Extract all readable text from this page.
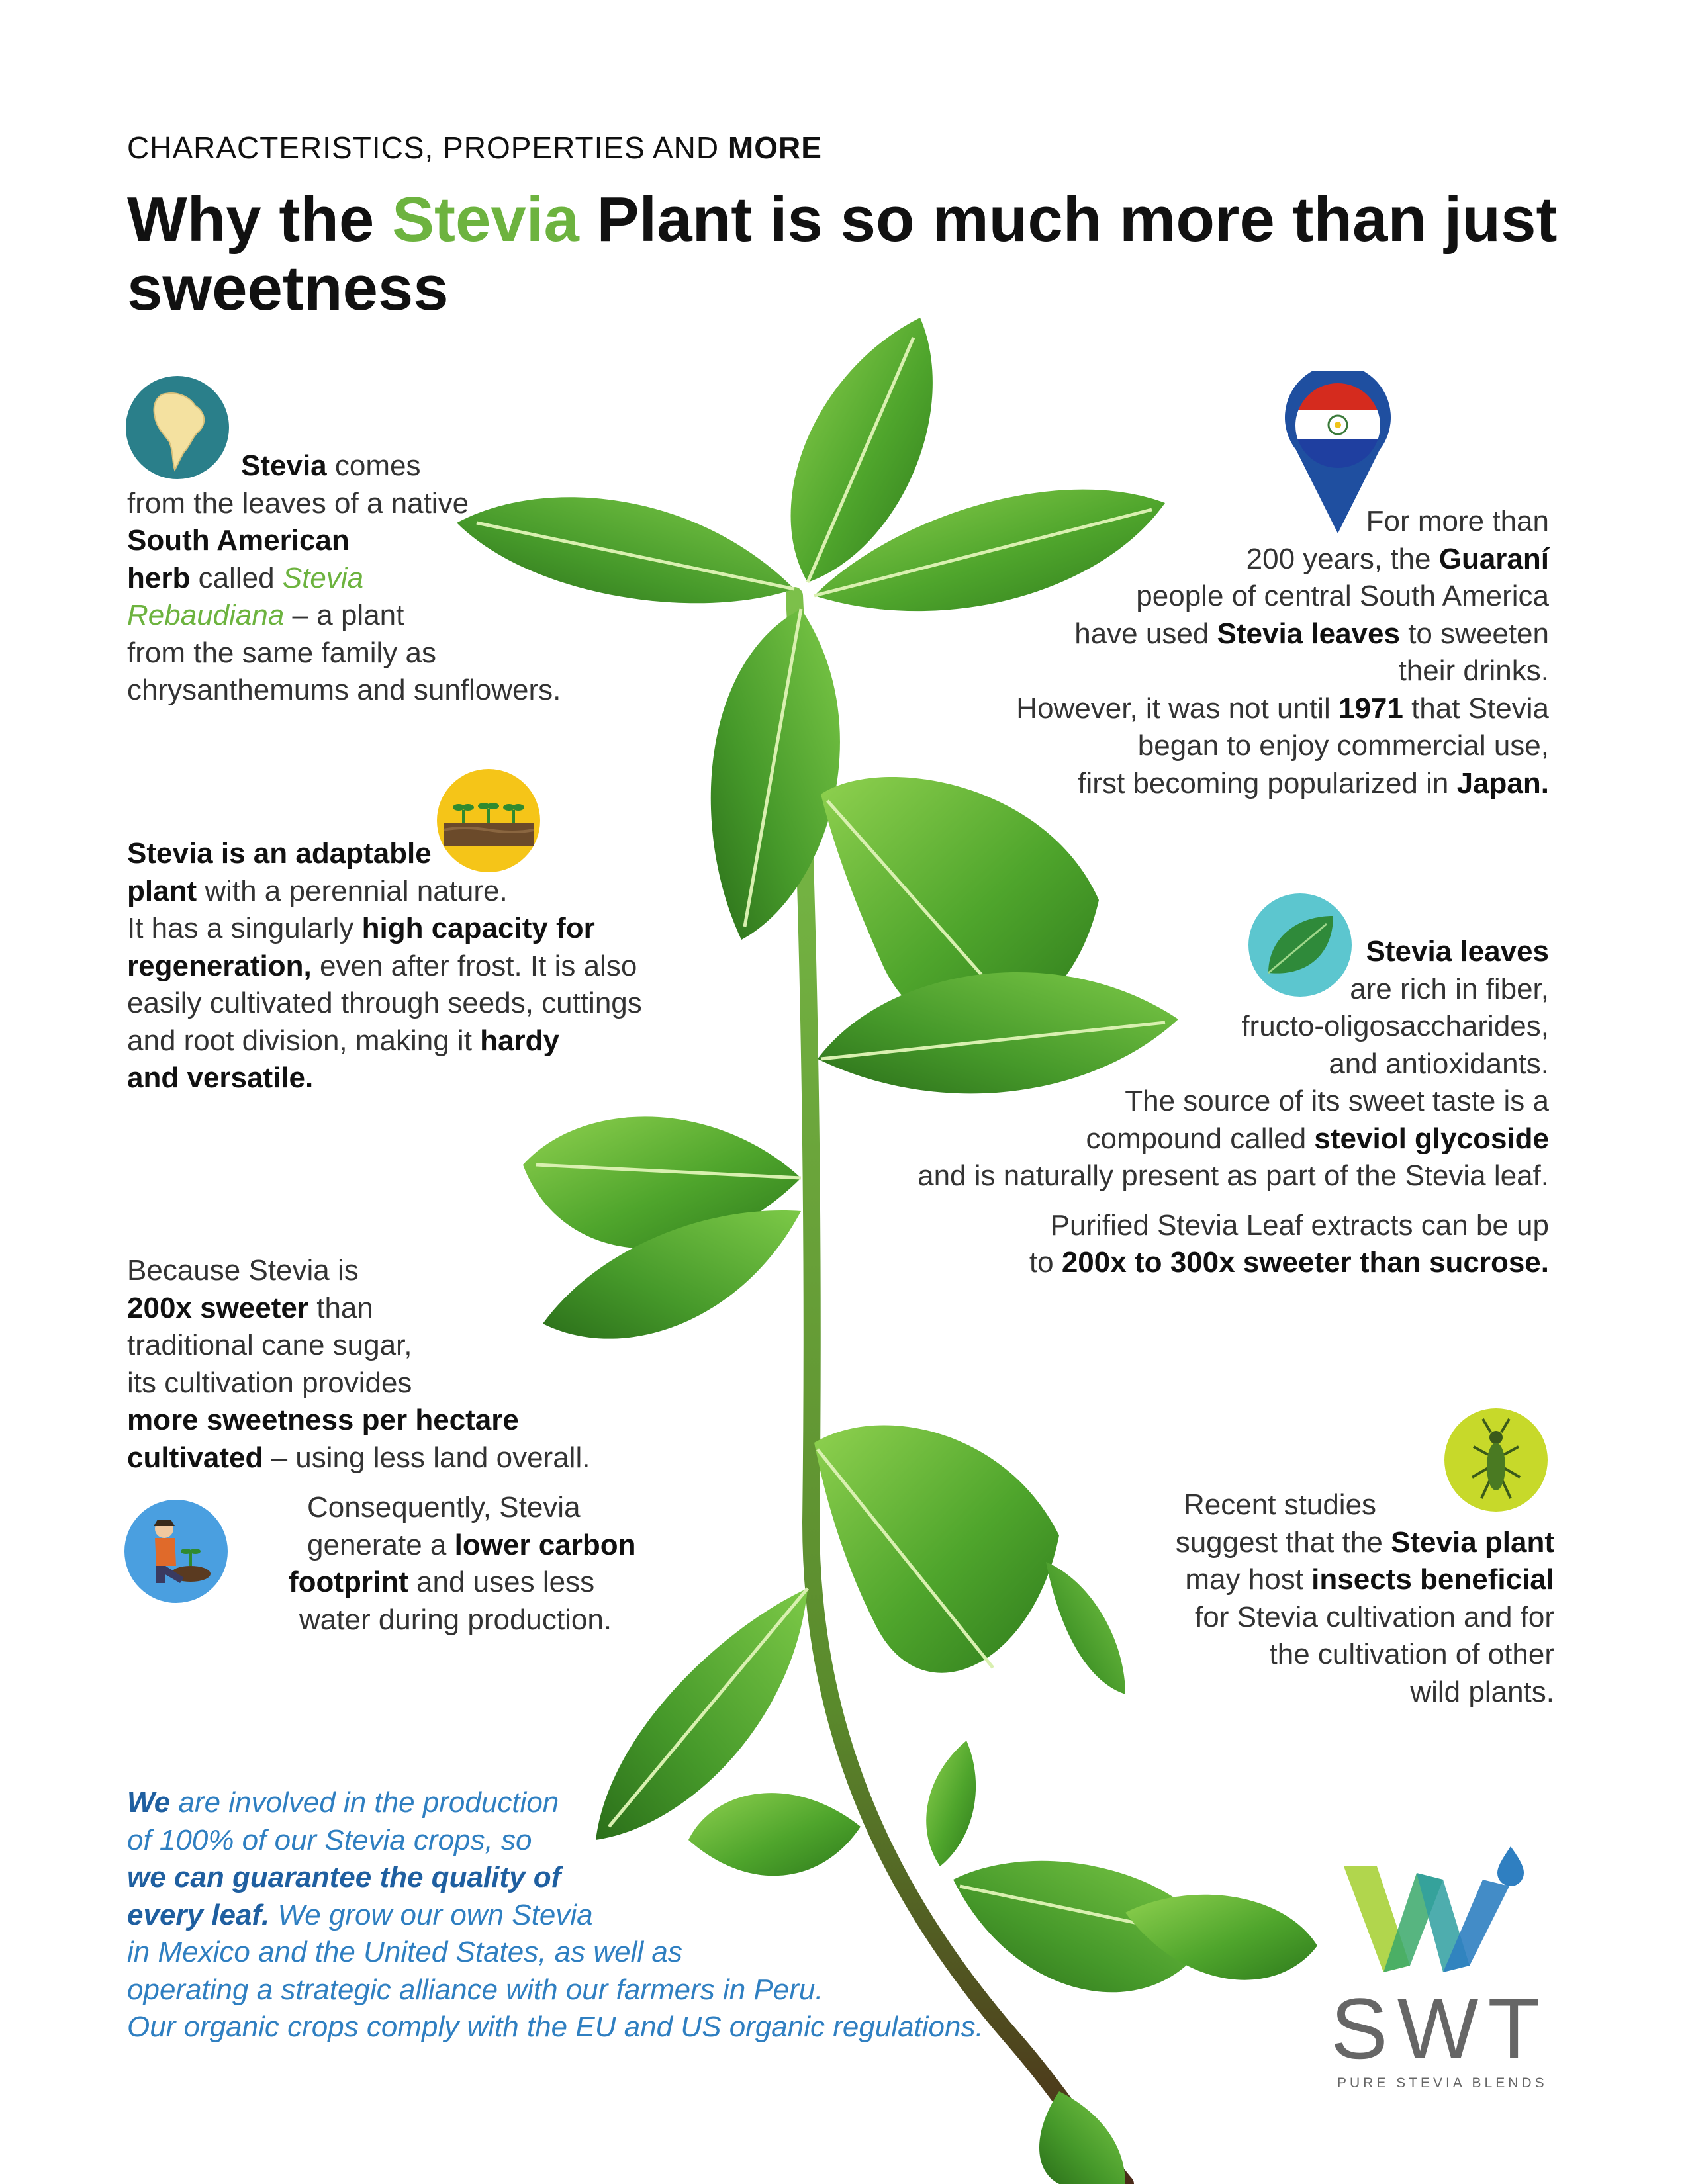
CHARACTERISTICS, PROPERTIES AND MORE
Why the Stevia Plant is so much more than just sweetness
Stevia comes
from the leaves of a native
South American
herb called Stevia
Rebaudiana – a plant
from the same family as
chrysanthemums and sunflowers.
For more than
200 years, the Guaraní
people of central South America
have used Stevia leaves to sweeten
their drinks.
However, it was not until 1971 that Stevia
began to enjoy commercial use,
first becoming popularized in Japan.
Stevia is an adaptable
plant with a perennial nature.
It has a singularly high capacity for
regeneration, even after frost. It is also
easily cultivated through seeds, cuttings
and root division, making it hardy
and versatile.
Stevia leaves
are rich in fiber,
fructo-oligosaccharides,
and antioxidants.
The source of its sweet taste is a
compound called steviol glycoside
and is naturally present as part of the Stevia leaf.
Purified Stevia Leaf extracts can be up
to 200x to 300x sweeter than sucrose.
Because Stevia is
200x sweeter than
traditional cane sugar,
its cultivation provides
more sweetness per hectare
cultivated – using less land overall.
Consequently, Stevia
generate a lower carbon
footprint and uses less
water during production.
Recent studies
suggest that the Stevia plant
may host insects beneficial
for Stevia cultivation and for
the cultivation of other
wild plants.
We are involved in the production
of 100% of our Stevia crops, so
we can guarantee the quality of
every leaf. We grow our own Stevia
in Mexico and the United States, as well as
operating a strategic alliance with our farmers in Peru.
Our organic crops comply with the EU and US organic regulations.	SWT
PURE STEVIA BLENDS
